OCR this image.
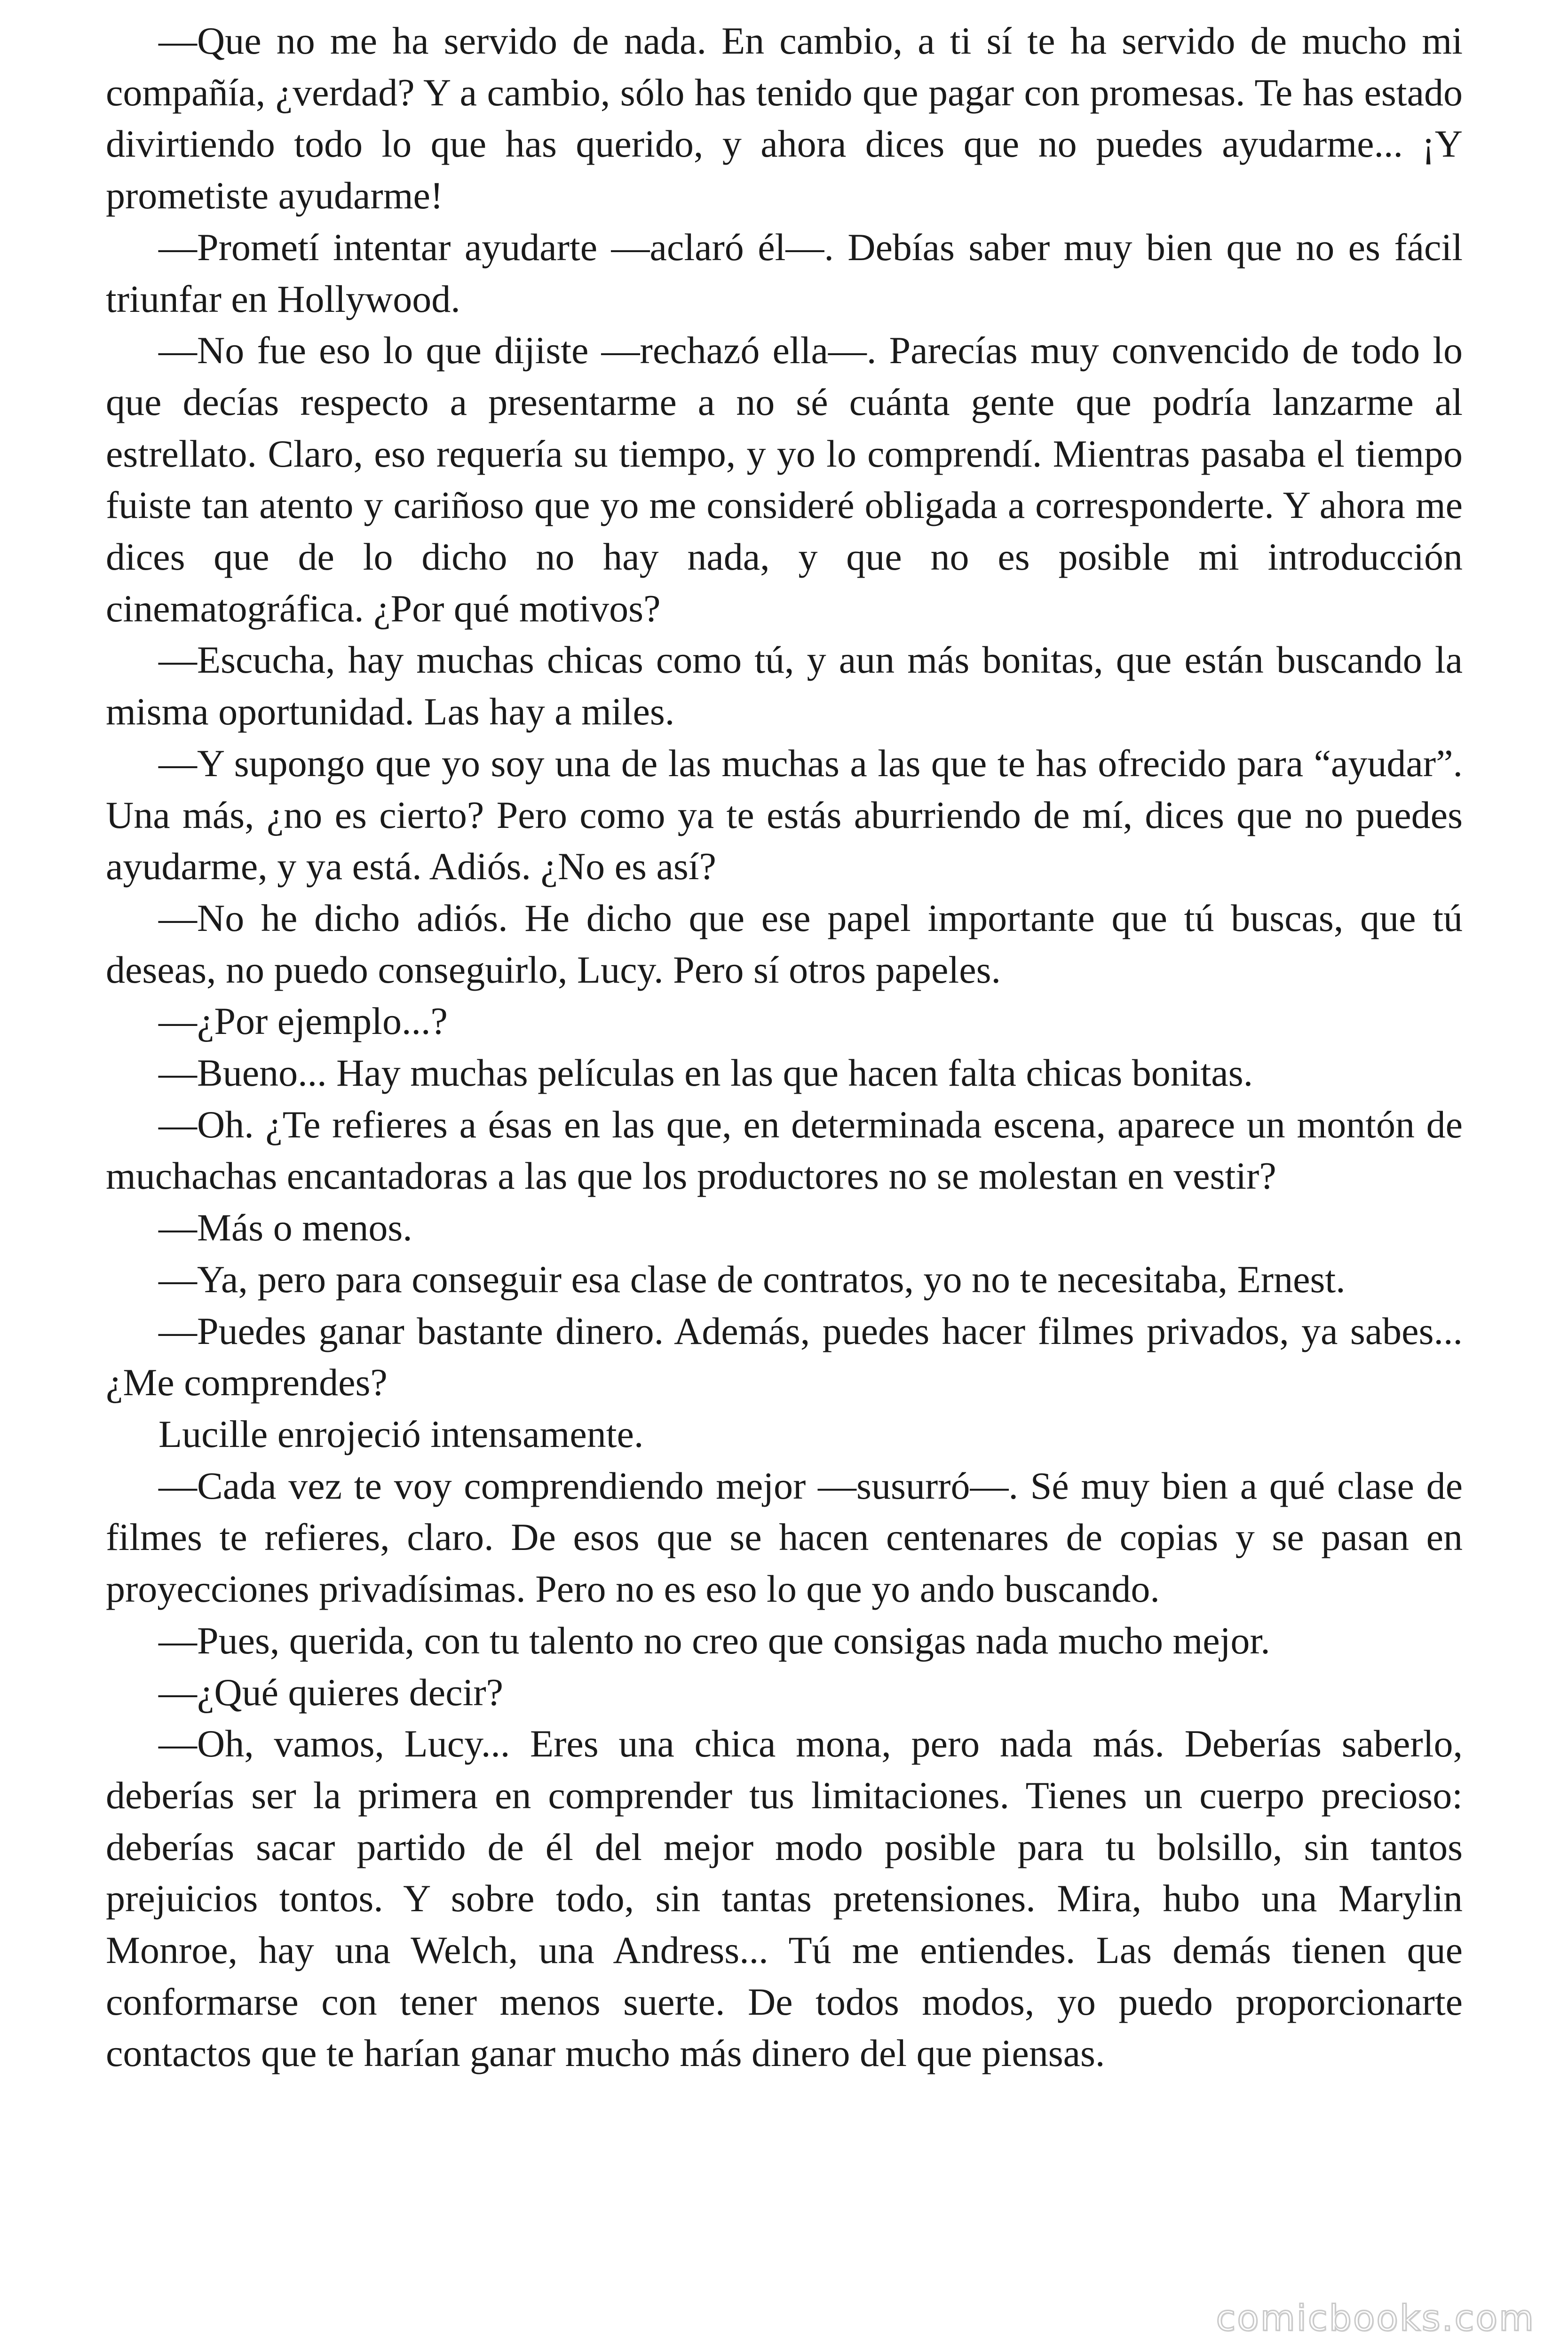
—Que no me ha servido de nada. En cambio, a ti sí te ha servido de mucho mi compañía, ¿verdad? Y a cambio, sólo has tenido que pagar con promesas. Te has estado divirtiendo todo lo que has querido, y ahora dices que no puedes ayudarme... ¡Y prometiste ayudarme!

—Prometí intentar ayudarte —aclaró él—. Debías saber muy bien que no es fácil triunfar en Hollywood.

—No fue eso lo que dijiste —rechazó ella—. Parecías muy convencido de todo lo que decías respecto a presentarme a no sé cuánta gente que podría lanzarme al estrellato. Claro, eso requería su tiempo, y yo lo comprendí. Mientras pasaba el tiempo fuiste tan atento y cariñoso que yo me consideré obligada a corresponderte. Y ahora me dices que de lo dicho no hay nada, y que no es posible mi introducción cinematográfica. ¿Por qué motivos?

—Escucha, hay muchas chicas como tú, y aun más bonitas, que están buscando la misma oportunidad. Las hay a miles.

—Y supongo que yo soy una de las muchas a las que te has ofrecido para “ayudar”. Una más, ¿no es cierto? Pero como ya te estás aburriendo de mí, dices que no puedes ayudarme, y ya está. Adiós. ¿No es así?

—No he dicho adiós. He dicho que ese papel importante que tú buscas, que tú deseas, no puedo conseguirlo, Lucy. Pero sí otros papeles.

—¿Por ejemplo...?

—Bueno... Hay muchas películas en las que hacen falta chicas bonitas.

—Oh. ¿Te refieres a ésas en las que, en determinada escena, aparece un montón de muchachas encantadoras a las que los productores no se molestan en vestir?

—Más o menos.

—Ya, pero para conseguir esa clase de contratos, yo no te necesitaba, Ernest.

—Puedes ganar bastante dinero. Además, puedes hacer filmes privados, ya sabes... ¿Me comprendes?

Lucille enrojeció intensamente.

—Cada vez te voy comprendiendo mejor —susurró—. Sé muy bien a qué clase de filmes te refieres, claro. De esos que se hacen centenares de copias y se pasan en proyecciones privadísimas. Pero no es eso lo que yo ando buscando.

—Pues, querida, con tu talento no creo que consigas nada mucho mejor.

—¿Qué quieres decir?

—Oh, vamos, Lucy... Eres una chica mona, pero nada más. Deberías saberlo, deberías ser la primera en comprender tus limitaciones. Tienes un cuerpo precioso: deberías sacar partido de él del mejor modo posible para tu bolsillo, sin tantos prejuicios tontos. Y sobre todo, sin tantas pretensiones. Mira, hubo una Marylin Monroe, hay una Welch, una Andress... Tú me entiendes. Las demás tienen que conformarse con tener menos suerte. De todos modos, yo puedo proporcionarte contactos que te harían ganar mucho más dinero del que piensas.

comicbooks.com
